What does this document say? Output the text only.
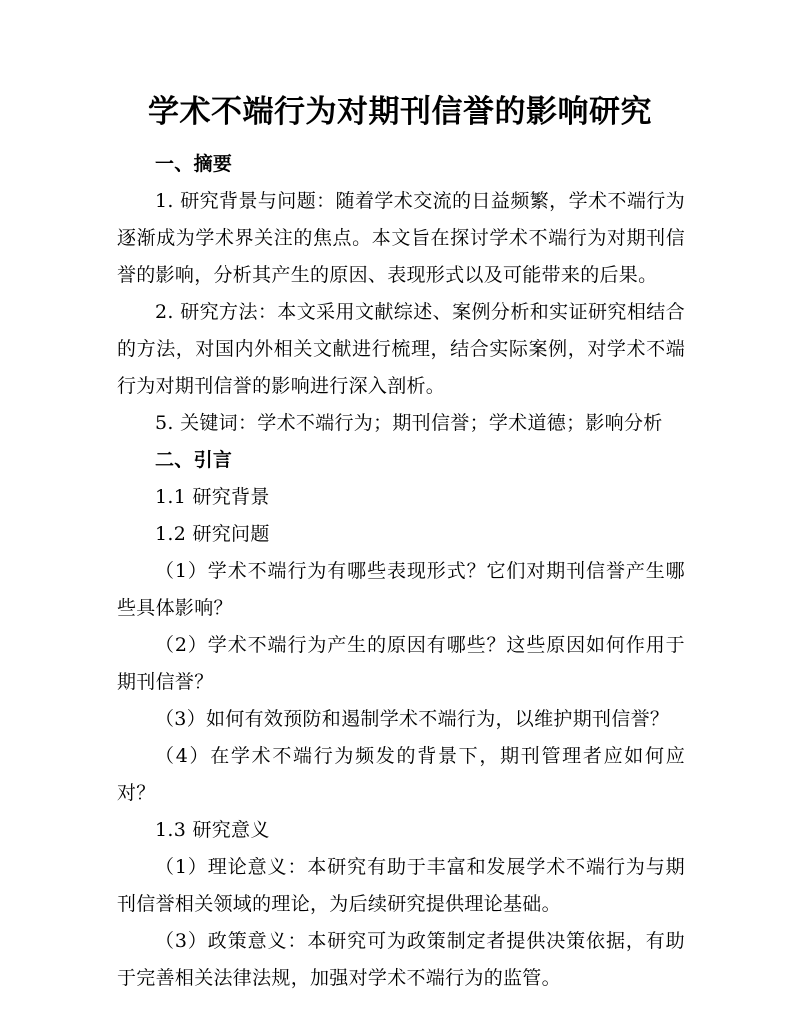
学术不端行为对期刊信誉的影响研究

一、摘要

1. 研究背景与问题：随着学术交流的日益频繁，学术不端行为逐渐成为学术界关注的焦点。本文旨在探讨学术不端行为对期刊信誉的影响，分析其产生的原因、表现形式以及可能带来的后果。

2. 研究方法：本文采用文献综述、案例分析和实证研究相结合的方法，对国内外相关文献进行梳理，结合实际案例，对学术不端行为对期刊信誉的影响进行深入剖析。

5. 关键词：学术不端行为；期刊信誉；学术道德；影响分析

二、引言

1.1 研究背景

1.2 研究问题

（1）学术不端行为有哪些表现形式？它们对期刊信誉产生哪些具体影响？

（2）学术不端行为产生的原因有哪些？这些原因如何作用于期刊信誉？

（3）如何有效预防和遏制学术不端行为，以维护期刊信誉？

（4）在学术不端行为频发的背景下，期刊管理者应如何应对？

1.3 研究意义

（1）理论意义：本研究有助于丰富和发展学术不端行为与期刊信誉相关领域的理论，为后续研究提供理论基础。

（3）政策意义：本研究可为政策制定者提供决策依据，有助于完善相关法律法规，加强对学术不端行为的监管。
